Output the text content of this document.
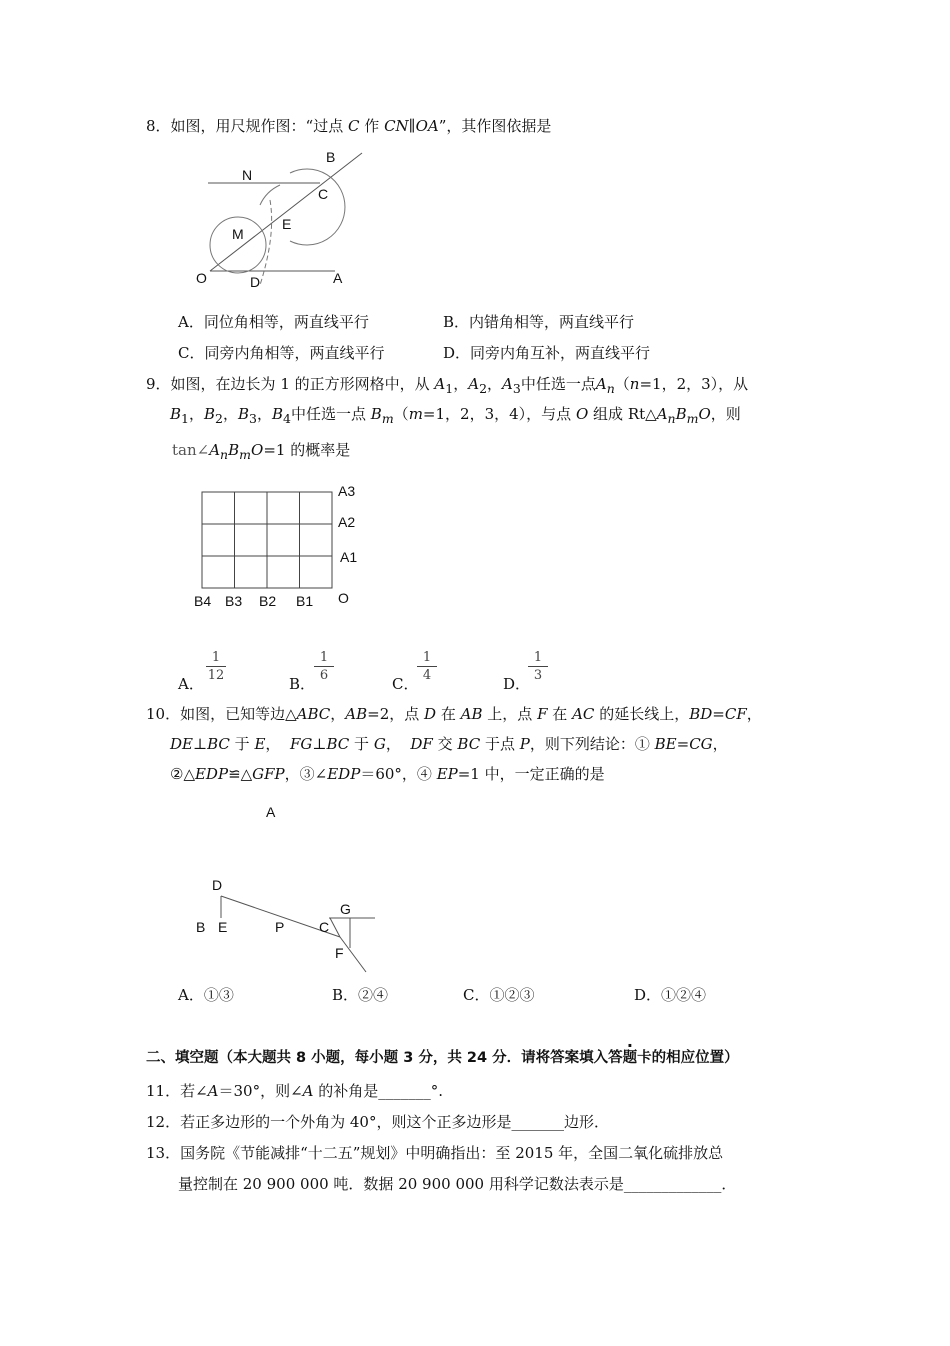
8．如图，用尺规作图：“过点 C 作 CN∥OA”，其作图依据是
B
N
C
E
M
O	D	A
A．同位角相等，两直线平行	B．内错角相等，两直线平行
C．同旁内角相等，两直线平行	D．同旁内角互补，两直线平行
9．如图，在边长为 1 的正方形网格中，从 $A_1$，$A_2$，$A_3$中任选一点$A_n(n=1$，2，3），从
$B_1$，$B_2$，$B_3$，$B_4$中任选一点 $B_m(m=1$，2，3，4），与点 O 组成 $Rt\triangle A_nB_mO$，则
$\tan\angle A_nB_mO=1$ 的概率是
A3
A2
A1
B4 B3 B2 B1 O
A．
1
12	B．
1
6	C．
1
4	D．
1
3
10．如图，已知等边△ABC，AB=2，点 D 在 AB 上，点 F 在 AC 的延长线上，BD=CF，
DE⊥BC 于 E， FG⊥BC 于 G， DF 交 BC 于点 P，则下列结论：① BE=CG，
②△EDP≌△GFP，③∠EDP＝60°，④ EP=1 中，一定正确的是
A
D
B E	P C
G
F
A．①③	B．②④	C．①②③	D．①②④
二、填空题（本大题共 8 小题，每小题 3 分，共 24 分．请将答案填入答题卡的相应位置）
11．若∠A＝30°，则∠A 的补角是_______°.
12．若正多边形的一个外角为 40°，则这个正多边形是_______边形．
13．国务院《节能减排“十二五”规划》中明确指出：至 2015 年，全国二氧化硫排放总
量控制在 20 900 000 吨．数据 20 900 000 用科学记数法表示是_____________．
